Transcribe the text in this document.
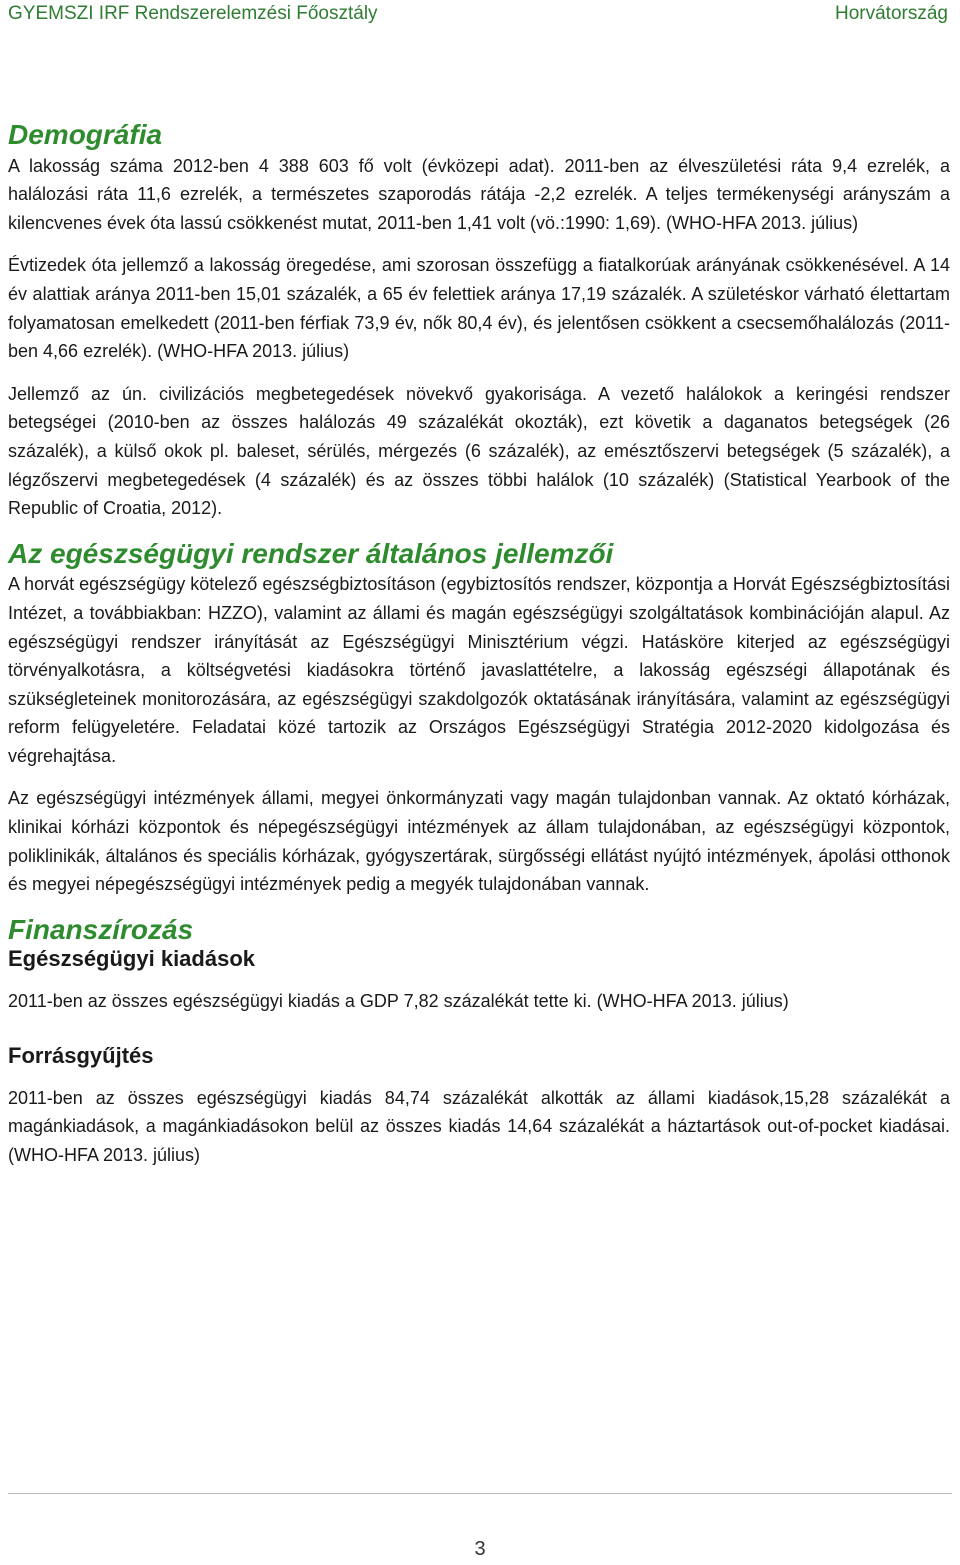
GYEMSZI IRF Rendszerelemzési Főosztály	Horvátország
Demográfia

A lakosság száma 2012-ben 4 388 603 fő volt (évközepi adat). 2011-ben az élveszületési ráta 9,4 ezrelék, a halálozási ráta 11,6 ezrelék, a természetes szaporodás rátája -2,2 ezrelék. A teljes termékenységi arányszám a kilencvenes évek óta lassú csökkenést mutat, 2011-ben 1,41 volt (vö.:1990: 1,69). (WHO-HFA 2013. július)

Évtizedek óta jellemző a lakosság öregedése, ami szorosan összefügg a fiatalkorúak arányának csökkenésével. A 14 év alattiak aránya 2011-ben 15,01 százalék, a 65 év felettiek aránya 17,19 százalék. A születéskor várható élettartam folyamatosan emelkedett (2011-ben férfiak 73,9 év, nők 80,4 év), és jelentősen csökkent a csecsemőhalálozás (2011-ben 4,66 ezrelék). (WHO-HFA 2013. július)

Jellemző az ún. civilizációs megbetegedések növekvő gyakorisága. A vezető halálokok a keringési rendszer betegségei (2010-ben az összes halálozás 49 százalékát okozták), ezt követik a daganatos betegségek (26 százalék), a külső okok pl. baleset, sérülés, mérgezés (6 százalék), az emésztőszervi betegségek (5 százalék), a légzőszervi megbetegedések (4 százalék) és az összes többi halálok (10 százalék) (Statistical Yearbook of the Republic of Croatia, 2012).

Az egészségügyi rendszer általános jellemzői

A horvát egészségügy kötelező egészségbiztosításon (egybiztosítós rendszer, központja a Horvát Egészségbiztosítási Intézet, a továbbiakban: HZZO), valamint az állami és magán egészségügyi szolgáltatások kombinációján alapul. Az egészségügyi rendszer irányítását az Egészségügyi Minisztérium végzi. Hatásköre kiterjed az egészségügyi törvényalkotásra, a költségvetési kiadásokra történő javaslattételre, a lakosság egészségi állapotának és szükségleteinek monitorozására, az egészségügyi szakdolgozók oktatásának irányítására, valamint az egészségügyi reform felügyeletére. Feladatai közé tartozik az Országos Egészségügyi Stratégia 2012-2020 kidolgozása és végrehajtása.

Az egészségügyi intézmények állami, megyei önkormányzati vagy magán tulajdonban vannak. Az oktató kórházak, klinikai kórházi központok és népegészségügyi intézmények az állam tulajdonában, az egészségügyi központok, poliklinikák, általános és speciális kórházak, gyógyszertárak, sürgősségi ellátást nyújtó intézmények, ápolási otthonok és megyei népegészségügyi intézmények pedig a megyék tulajdonában vannak.

Finanszírozás
Egészségügyi kiadások

2011-ben az összes egészségügyi kiadás a GDP 7,82 százalékát tette ki. (WHO-HFA 2013. július)

Forrásgyűjtés

2011-ben az összes egészségügyi kiadás 84,74 százalékát alkották az állami kiadások,15,28 százalékát a magánkiadások, a magánkiadásokon belül az összes kiadás 14,64 százalékát a háztartások out-of-pocket kiadásai.(WHO-HFA 2013. július)

3
